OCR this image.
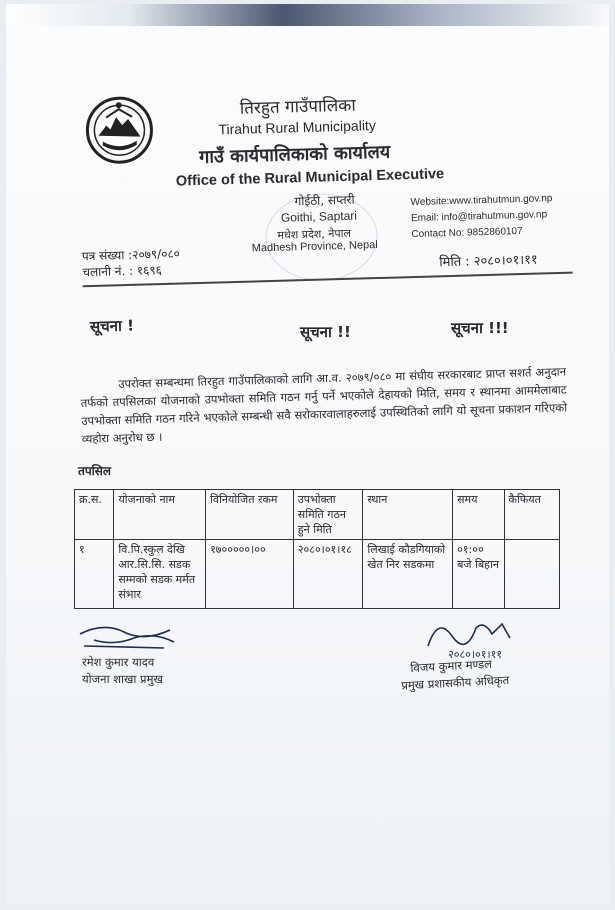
तिरहुत गाउँपालिका
Tirahut Rural Municipality
गाउँ कार्यपालिकाको कार्यालय
Office of the Rural Municipal Executive
गोईठी, सप्तरी
Goithi, Saptari
मधेश प्रदेश, नेपाल
Madhesh Province, Nepal
Website:www.tirahutmun.gov.np
Email: info@tirahutmun.gov.np
Contact No: 9852860107
पत्र संख्या :२०७९/०८०
चलानी नं. : १६९६
मिति : २०८०।०१।११
सूचना !	सूचना !!	सूचना !!!
उपरोक्त सम्बन्धमा तिरहुत गाउँपालिकाको लागि आ.व. २०७९/०८० मा संघीय सरकारबाट प्राप्त सशर्त अनुदान तर्फको तपसिलका योजनाको उपभोक्ता समिति गठन गर्नु पर्ने भएकोले देहायको मिति, समय र स्थानमा आममेलाबाट उपभोक्ता समिति गठन गरिने भएकोले सम्बन्धी सवै सरोकारवालाहरुलाई उपस्थितिको लागि यो सूचना प्रकाशन गरिएको व्यहोरा अनुरोध छ ।
तपसिल
क्र.स.	योजनाको नाम	विनियोजित रकम	उपभोक्ता समिति गठन हुने मिति	स्थान	समय	कैफियत
१	वि.पि.स्कुल देखि आर.सि.सि. सडक सम्मको सडक मर्मत संभार	१७०००००।००	२०८०।०१।१८	लिखाई कौडगियाको खेत निर सडकमा	०१:०० बजे बिहान	
रमेश कुमार यादव
योजना शाखा प्रमुख
२०८०।०१।११
विजय कुमार मण्डल
प्रमुख प्रशासकीय अधिकृत
